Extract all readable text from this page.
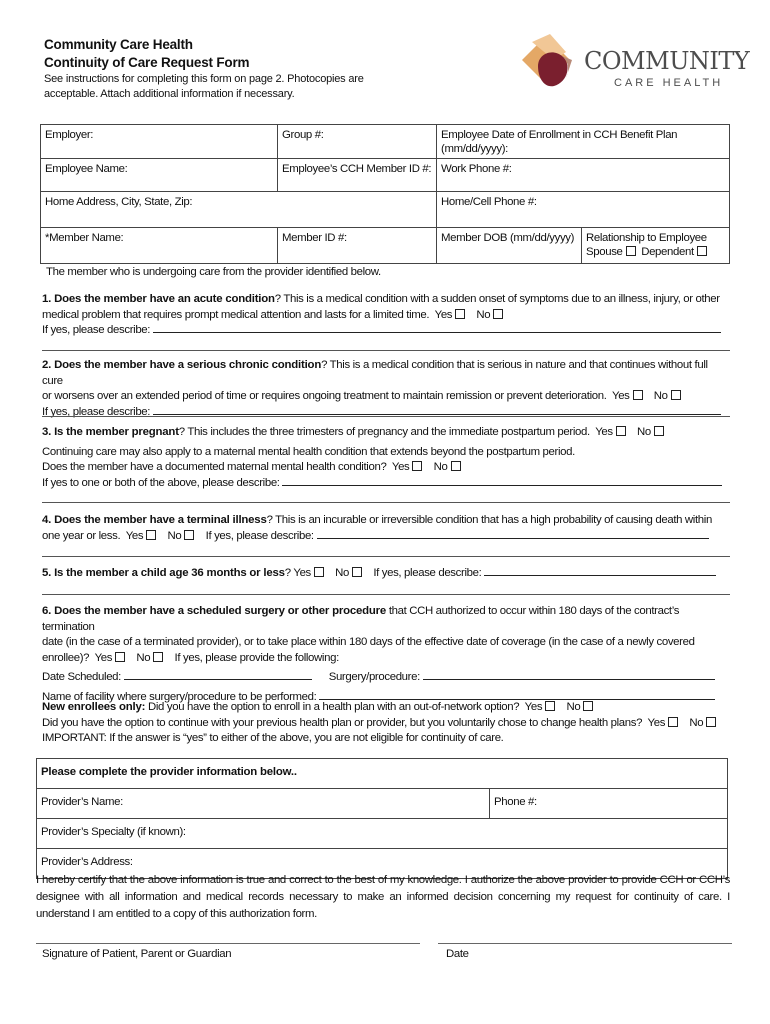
Community Care Health
Continuity of Care Request Form
See instructions for completing this form on page 2. Photocopies are acceptable. Attach additional information if necessary.
COMMUNITY
CARE HEALTH
Employer:	Group #:	Employee Date of Enrollment in CCH Benefit Plan (mm/dd/yyyy):	
Employee Name:	Employee’s CCH Member ID #:	Work Phone #:	
Home Address, City, State, Zip:		Home/Cell Phone #:	
*Member Name:	Member ID #:	Member DOB (mm/dd/yyyy)	Relationship to Employee
Spouse Dependent
The member who is undergoing care from the provider identified below.
1. Does the member have an acute condition? This is a medical condition with a sudden onset of symptoms due to an illness, injury, or other
medical problem that requires prompt medical attention and lasts for a limited time. Yes No
If yes, please describe:
2. Does the member have a serious chronic condition? This is a medical condition that is serious in nature and that continues without full cure
or worsens over an extended period of time or requires ongoing treatment to maintain remission or prevent deterioration. Yes No
If yes, please describe:
3. Is the member pregnant? This includes the three trimesters of pregnancy and the immediate postpartum period. Yes No
Continuing care may also apply to a maternal mental health condition that extends beyond the postpartum period.
Does the member have a documented maternal mental health condition? Yes No
If yes to one or both of the above, please describe:
4. Does the member have a terminal illness? This is an incurable or irreversible condition that has a high probability of causing death within
one year or less. Yes No If yes, please describe:
5. Is the member a child age 36 months or less? Yes No If yes, please describe:
6. Does the member have a scheduled surgery or other procedure that CCH authorized to occur within 180 days of the contract’s termination
date (in the case of a terminated provider), or to take place within 180 days of the effective date of coverage (in the case of a newly covered
enrollee)? Yes No If yes, please provide the following:
Date Scheduled:	Surgery/procedure:
Name of facility where surgery/procedure to be performed:
New enrollees only: Did you have the option to enroll in a health plan with an out-of-network option? Yes No
Did you have the option to continue with your previous health plan or provider, but you voluntarily chose to change health plans? Yes No
IMPORTANT: If the answer is “yes” to either of the above, you are not eligible for continuity of care.
Please complete the provider information below..
Provider’s Name:	Phone #:
Provider’s Specialty (if known):
Provider’s Address:
I hereby certify that the above information is true and correct to the best of my knowledge. I authorize the above provider to provide CCH or CCH’s designee with all information and medical records necessary to make an informed decision concerning my request for continuity of care. I understand I am entitled to a copy of this authorization form.
Signature of Patient, Parent or Guardian	Date
